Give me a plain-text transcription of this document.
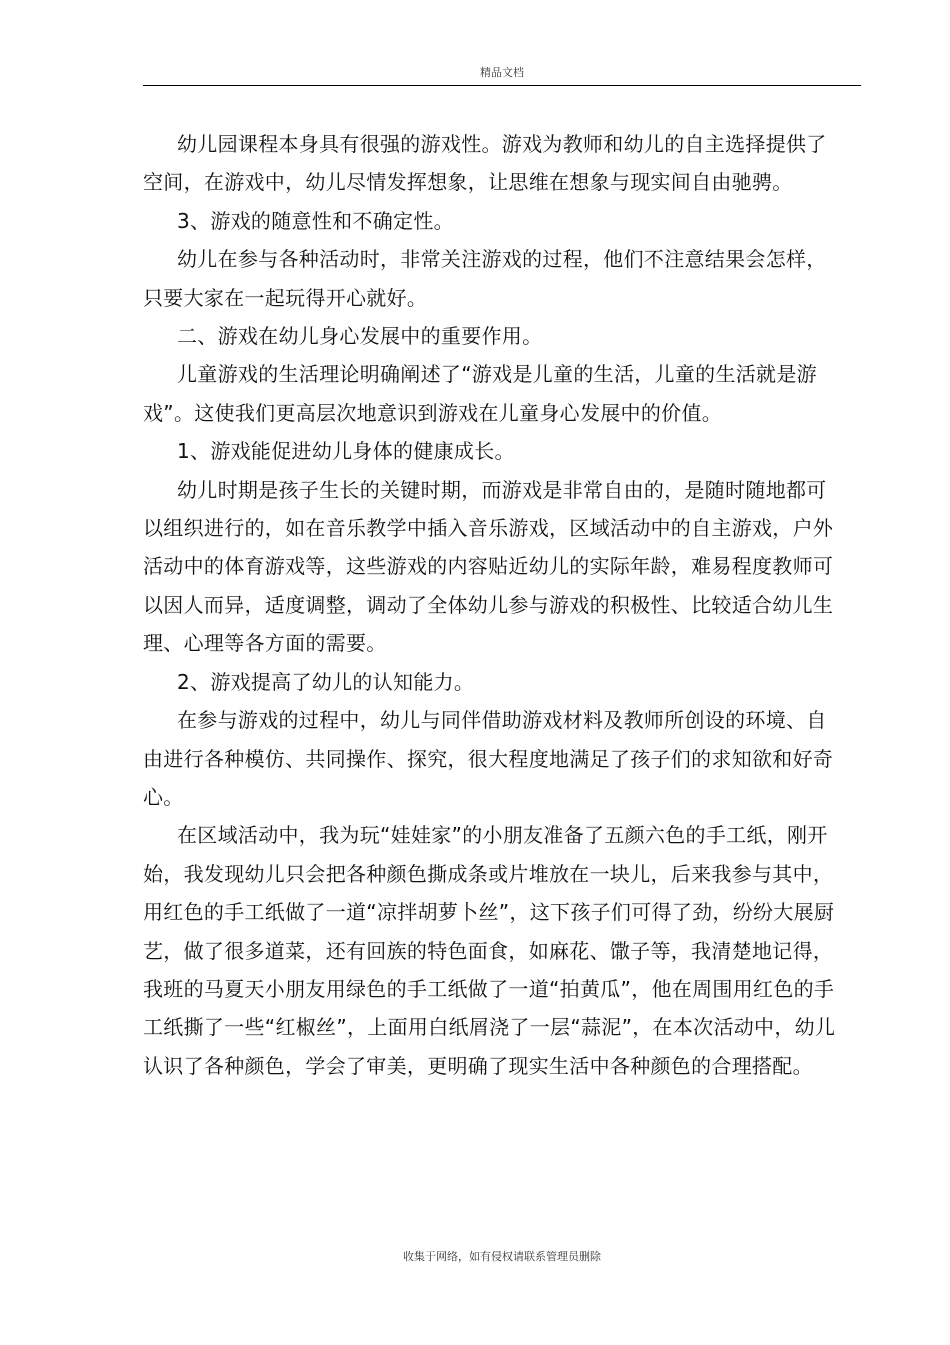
精品文档

幼儿园课程本身具有很强的游戏性。游戏为教师和幼儿的自主选择提供了空间，在游戏中，幼儿尽情发挥想象，让思维在想象与现实间自由驰骋。

3、游戏的随意性和不确定性。

幼儿在参与各种活动时，非常关注游戏的过程，他们不注意结果会怎样，只要大家在一起玩得开心就好。

二、游戏在幼儿身心发展中的重要作用。

儿童游戏的生活理论明确阐述了“游戏是儿童的生活，儿童的生活就是游戏”。这使我们更高层次地意识到游戏在儿童身心发展中的价值。

1、游戏能促进幼儿身体的健康成长。

幼儿时期是孩子生长的关键时期，而游戏是非常自由的，是随时随地都可以组织进行的，如在音乐教学中插入音乐游戏，区域活动中的自主游戏，户外活动中的体育游戏等，这些游戏的内容贴近幼儿的实际年龄，难易程度教师可以因人而异，适度调整，调动了全体幼儿参与游戏的积极性、比较适合幼儿生理、心理等各方面的需要。

2、游戏提高了幼儿的认知能力。

在参与游戏的过程中，幼儿与同伴借助游戏材料及教师所创设的环境、自由进行各种模仿、共同操作、探究，很大程度地满足了孩子们的求知欲和好奇心。

在区域活动中，我为玩“娃娃家”的小朋友准备了五颜六色的手工纸，刚开始，我发现幼儿只会把各种颜色撕成条或片堆放在一块儿，后来我参与其中，用红色的手工纸做了一道“凉拌胡萝卜丝”，这下孩子们可得了劲，纷纷大展厨艺，做了很多道菜，还有回族的特色面食，如麻花、馓子等，我清楚地记得，我班的马夏天小朋友用绿色的手工纸做了一道“拍黄瓜”，他在周围用红色的手工纸撕了一些“红椒丝”，上面用白纸屑浇了一层“蒜泥”，在本次活动中，幼儿认识了各种颜色，学会了审美，更明确了现实生活中各种颜色的合理搭配。

收集于网络，如有侵权请联系管理员删除
